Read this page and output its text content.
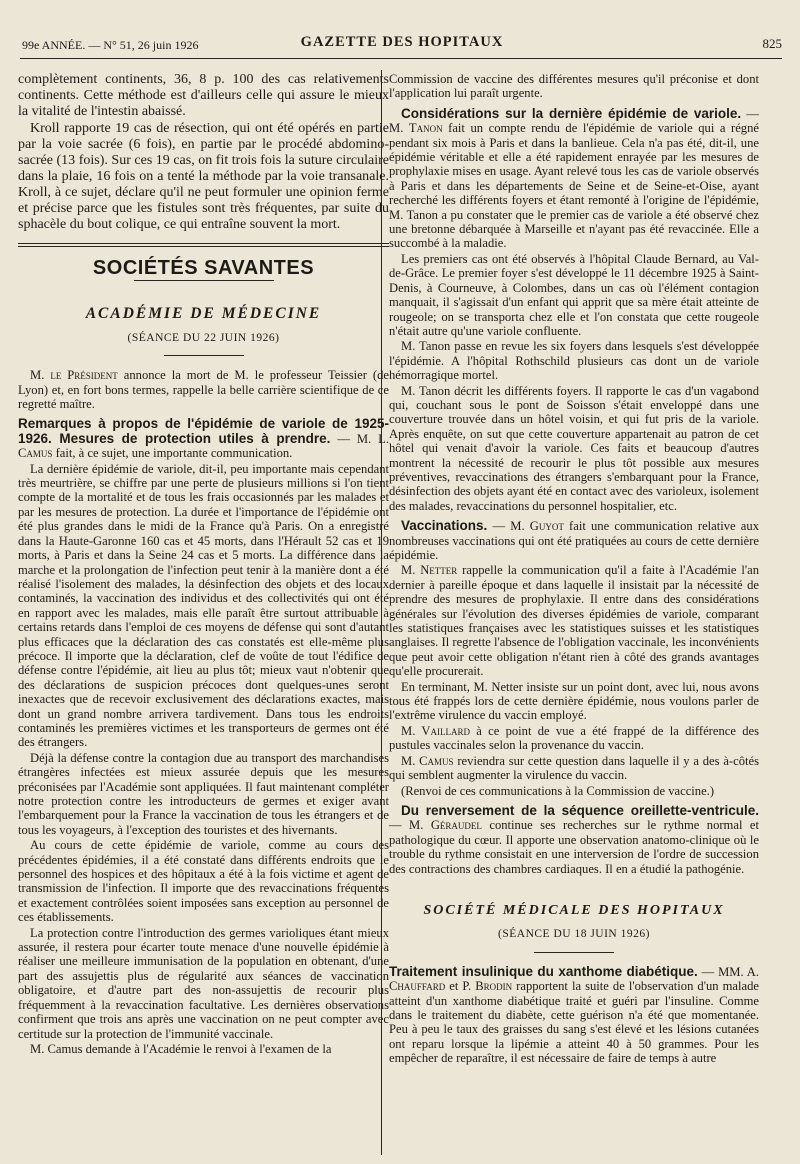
99e ANNÉE. — N° 51, 26 juin 1926	GAZETTE DES HOPITAUX	825

complètement continents, 36, 8 p. 100 des cas relativements continents. Cette méthode est d'ailleurs celle qui assure le mieux la vitalité de l'intestin abaissé.

Kroll rapporte 19 cas de résection, qui ont été opérés en partie par la voie sacrée (6 fois), en partie par le procédé abdomino-sacrée (13 fois). Sur ces 19 cas, on fit trois fois la suture circulaire dans la plaie, 16 fois on a tenté la méthode par la voie transanale. Kroll, à ce sujet, déclare qu'il ne peut formuler une opinion ferme et précise parce que les fistules sont très fréquentes, par suite du sphacèle du bout colique, ce qui entraîne souvent la mort.

SOCIÉTÉS SAVANTES
ACADÉMIE DE MÉDECINE
(SÉANCE DU 22 JUIN 1926)

M. le Président annonce la mort de M. le professeur Teissier (de Lyon) et, en fort bons termes, rappelle la belle carrière scientifique de ce regretté maître.

Remarques à propos de l'épidémie de variole de 1925-1926. Mesures de protection utiles à prendre. — M. L. Camus fait, à ce sujet, une importante communication.

La dernière épidémie de variole, dit-il, peu importante mais cependant très meurtrière, se chiffre par une perte de plusieurs millions si l'on tient compte de la mortalité et de tous les frais occasionnés par les malades et par les mesures de protection. La durée et l'importance de l'épidémie ont été plus grandes dans le midi de la France qu'à Paris. On a enregistré dans la Haute-Garonne 160 cas et 45 morts, dans l'Hérault 52 cas et 19 morts, à Paris et dans la Seine 24 cas et 5 morts. La différence dans la marche et la prolongation de l'infection peut tenir à la manière dont a été réalisé l'isolement des malades, la désinfection des objets et des locaux contaminés, la vaccination des individus et des collectivités qui ont été en rapport avec les malades, mais elle paraît être surtout attribuable à certains retards dans l'emploi de ces moyens de défense qui sont d'autant plus efficaces que la déclaration des cas constatés est elle-même plus précoce. Il importe que la déclaration, clef de voûte de tout l'édifice de défense contre l'épidémie, ait lieu au plus tôt; mieux vaut n'obtenir que des déclarations de suspicion précoces dont quelques-unes seront inexactes que de recevoir exclusivement des déclarations exactes, mais dont un grand nombre arrivera tardivement. Dans tous les endroits contaminés les premières victimes et les transporteurs de germes ont été des étrangers.

Déjà la défense contre la contagion due au transport des marchandises étrangères infectées est mieux assurée depuis que les mesures préconisées par l'Académie sont appliquées. Il faut maintenant compléter notre protection contre les introducteurs de germes et exiger avant l'embarquement pour la France la vaccination de tous les étrangers et de tous les voyageurs, à l'exception des touristes et des hivernants.

Au cours de cette épidémie de variole, comme au cours des précédentes épidémies, il a été constaté dans différents endroits que le personnel des hospices et des hôpitaux a été à la fois victime et agent de transmission de l'infection. Il importe que des revaccinations fréquentes et exactement contrôlées soient imposées sans exception au personnel de ces établissements.

La protection contre l'introduction des germes varioliques étant mieux assurée, il restera pour écarter toute menace d'une nouvelle épidémie à réaliser une meilleure immunisation de la population en obtenant, d'une part des assujettis plus de régularité aux séances de vaccination obligatoire, et d'autre part des non-assujettis de recourir plus fréquemment à la revaccination facultative. Les dernières observations confirment que trois ans après une vaccination on ne peut compter avec certitude sur la protection de l'immunité vaccinale.

M. Camus demande à l'Académie le renvoi à l'examen de la

Commission de vaccine des différentes mesures qu'il préconise et dont l'application lui paraît urgente.

Considérations sur la dernière épidémie de variole. — M. Tanon fait un compte rendu de l'épidémie de variole qui a régné pendant six mois à Paris et dans la banlieue. Cela n'a pas été, dit-il, une épidémie véritable et elle a été rapidement enrayée par les mesures de prophylaxie mises en usage. Ayant relevé tous les cas de variole observés à Paris et dans les départements de Seine et de Seine-et-Oise, ayant recherché les différents foyers et étant remonté à l'origine de l'épidémie, M. Tanon a pu constater que le premier cas de variole a été observé chez une bretonne débarquée à Marseille et n'ayant pas été revaccinée. Elle a succombé à la maladie.

Les premiers cas ont été observés à l'hôpital Claude Bernard, au Val-de-Grâce. Le premier foyer s'est développé le 11 décembre 1925 à Saint-Denis, à Courneuve, à Colombes, dans un cas où l'élément contagion manquait, il s'agissait d'un enfant qui apprit que sa mère était atteinte de rougeole; on se transporta chez elle et l'on constata que cette rougeole n'était autre qu'une variole confluente.

M. Tanon passe en revue les six foyers dans lesquels s'est développée l'épidémie. A l'hôpital Rothschild plusieurs cas dont un de variole hémorragique mortel.

M. Tanon décrit les différents foyers. Il rapporte le cas d'un vagabond qui, couchant sous le pont de Soisson s'était enveloppé dans une couverture trouvée dans un hôtel voisin, et qui fut pris de la variole. Après enquête, on sut que cette couverture appartenait au patron de cet hôtel qui venait d'avoir la variole. Ces faits et beaucoup d'autres montrent la nécessité de recourir le plus tôt possible aux mesures préventives, revaccinations des étrangers s'embarquant pour la France, désinfection des objets ayant été en contact avec des varioleux, isolement des malades, revaccinations du personnel hospitalier, etc.

Vaccinations. — M. Guyot fait une communication relative aux nombreuses vaccinations qui ont été pratiquées au cours de cette dernière épidémie.

M. Netter rappelle la communication qu'il a faite à l'Académie l'an dernier à pareille époque et dans laquelle il insistait par la nécessité de prendre des mesures de prophylaxie. Il entre dans des considérations générales sur l'évolution des diverses épidémies de variole, comparant les statistiques françaises avec les statistiques suisses et les statistiques anglaises. Il regrette l'absence de l'obligation vaccinale, les inconvénients que peut avoir cette obligation n'étant rien à côté des grands avantages qu'elle procurerait.

En terminant, M. Netter insiste sur un point dont, avec lui, nous avons tous été frappés lors de cette dernière épidémie, nous voulons parler de l'extrême virulence du vaccin employé.

M. Vaillard à ce point de vue a été frappé de la différence des pustules vaccinales selon la provenance du vaccin.

M. Camus reviendra sur cette question dans laquelle il y a des à-côtés qui semblent augmenter la virulence du vaccin.

(Renvoi de ces communications à la Commission de vaccine.)

Du renversement de la séquence oreillette-ventricule. — M. Géraudel continue ses recherches sur le rythme normal et pathologique du cœur. Il apporte une observation anatomo-clinique où le trouble du rythme consistait en une interversion de l'ordre de succession des contractions des chambres cardiaques. Il en a étudié la pathogénie.

SOCIÉTÉ MÉDICALE DES HOPITAUX
(SÉANCE DU 18 JUIN 1926)

Traitement insulinique du xanthome diabétique. — MM. A. Chauffard et P. Brodin rapportent la suite de l'observation d'un malade atteint d'un xanthome diabétique traité et guéri par l'insuline. Comme dans le traitement du diabète, cette guérison n'a été que momentanée. Peu à peu le taux des graisses du sang s'est élevé et les lésions cutanées ont reparu lorsque la lipémie a atteint 40 à 50 grammes. Pour les empêcher de reparaître, il est nécessaire de faire de temps à autre
